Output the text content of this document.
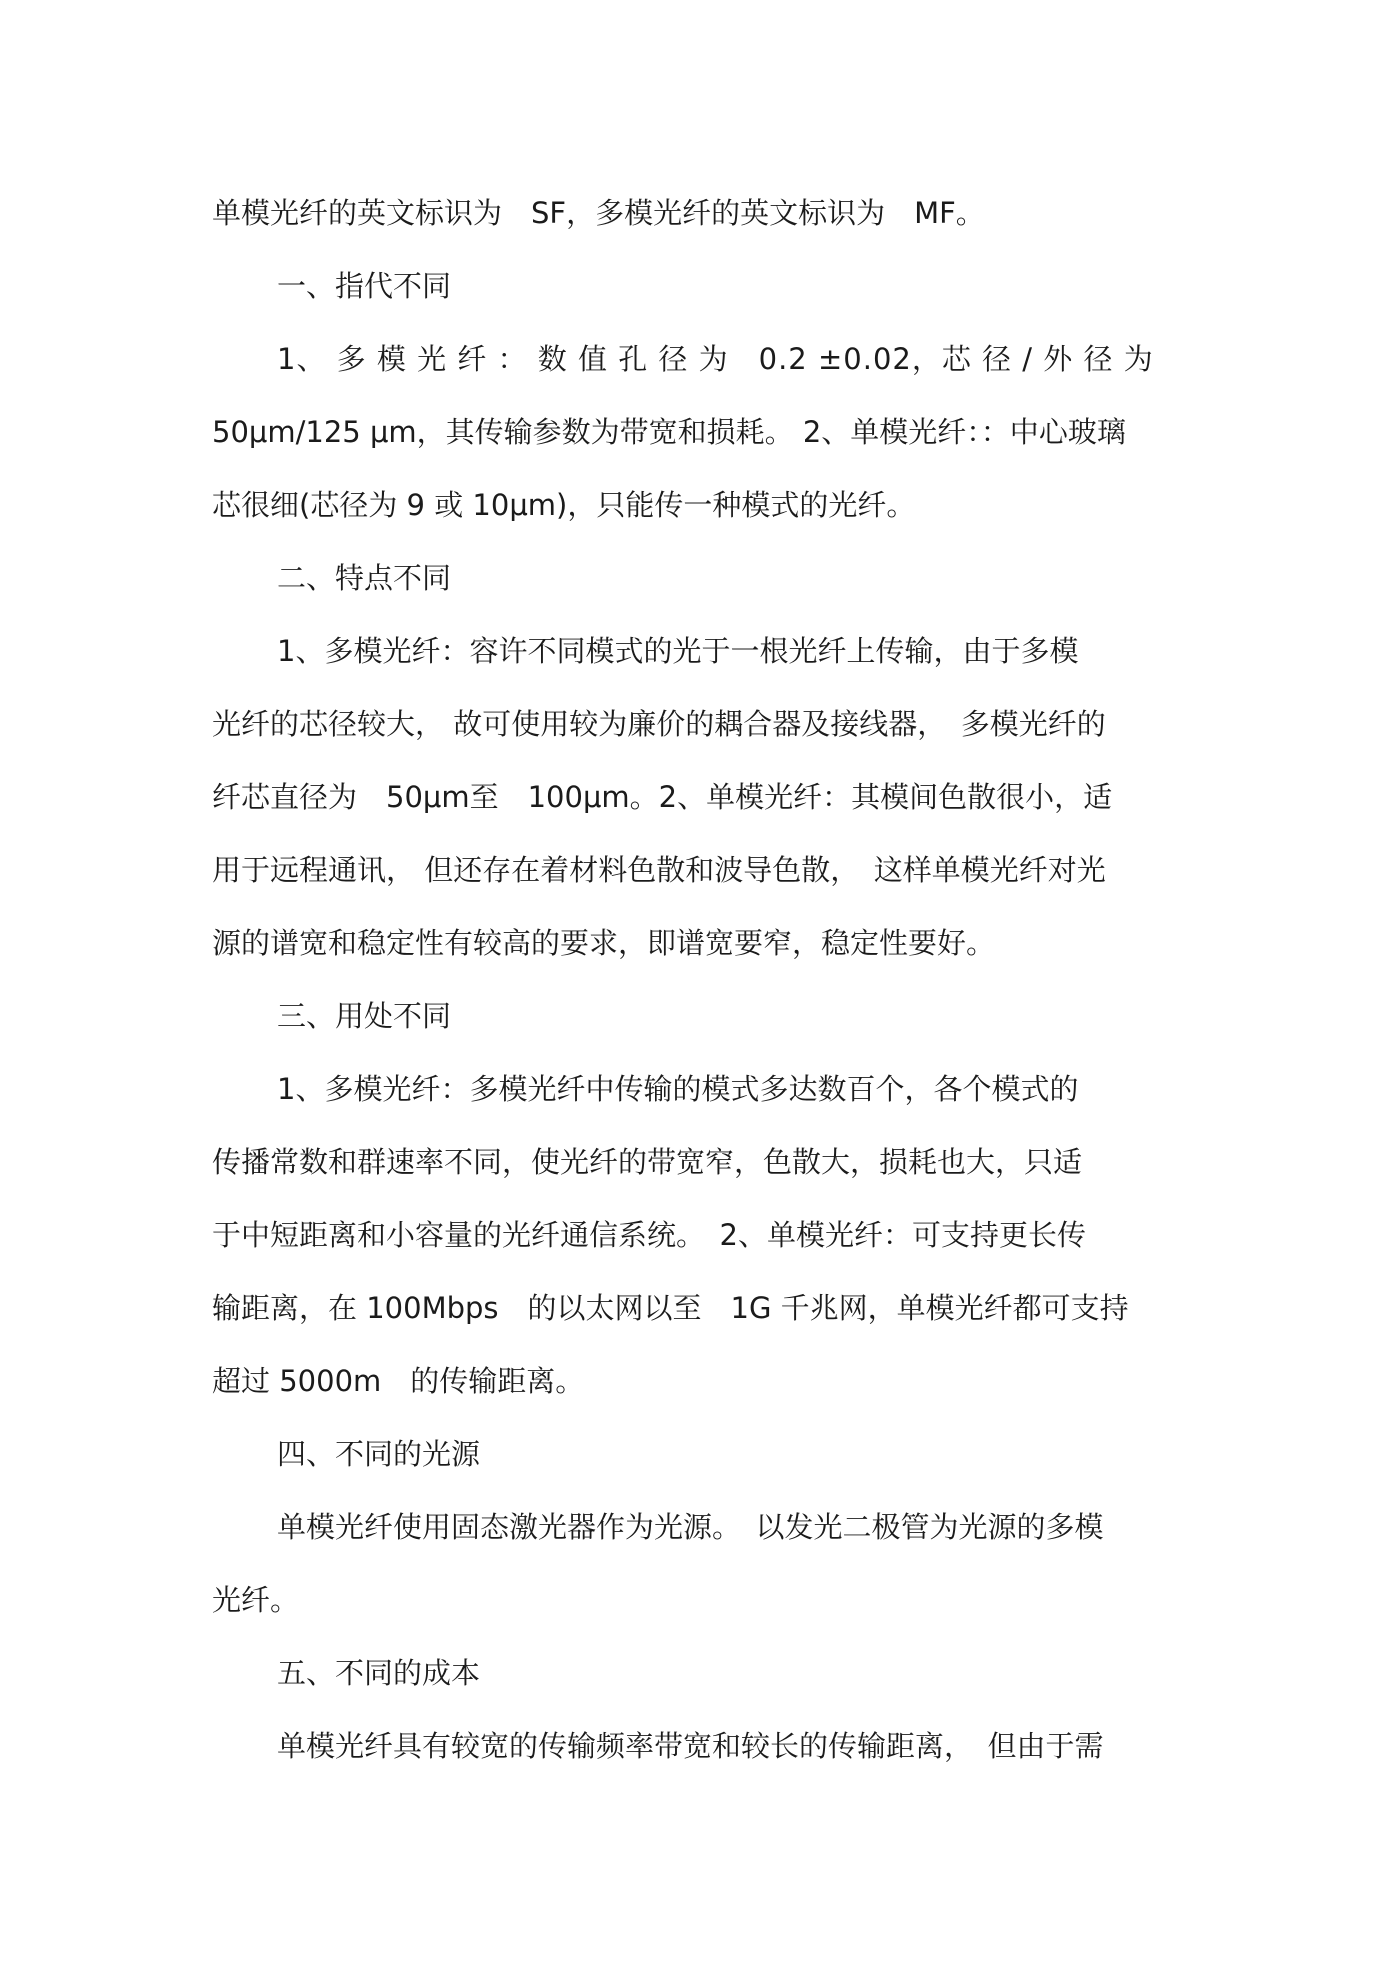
单模光纤的英文标识为　SF，多模光纤的英文标识为　MF。
一、指代不同
1、 多 模 光 纤 ： 数 值 孔 径 为　0.2 ±0.02，芯 径 / 外 径 为
50μm/125 μm，其传输参数为带宽和损耗。 2、单模光纤：：中心玻璃
芯很细(芯径为 9 或 10μm)，只能传一种模式的光纤。
二、特点不同
1、多模光纤：容许不同模式的光于一根光纤上传输，由于多模
光纤的芯径较大， 故可使用较为廉价的耦合器及接线器，　多模光纤的
纤芯直径为　50μm至　100μm。2、单模光纤：其模间色散很小，适
用于远程通讯， 但还存在着材料色散和波导色散，　这样单模光纤对光
源的谱宽和稳定性有较高的要求，即谱宽要窄，稳定性要好。
三、用处不同
1、多模光纤：多模光纤中传输的模式多达数百个，各个模式的
传播常数和群速率不同，使光纤的带宽窄，色散大，损耗也大，只适
于中短距离和小容量的光纤通信系统。　2、单模光纤：可支持更长传
输距离，在 100Mbps　的以太网以至　1G 千兆网，单模光纤都可支持
超过 5000m　的传输距离。
四、不同的光源
单模光纤使用固态激光器作为光源。　以发光二极管为光源的多模
光纤。
五、不同的成本
单模光纤具有较宽的传输频率带宽和较长的传输距离，　但由于需
